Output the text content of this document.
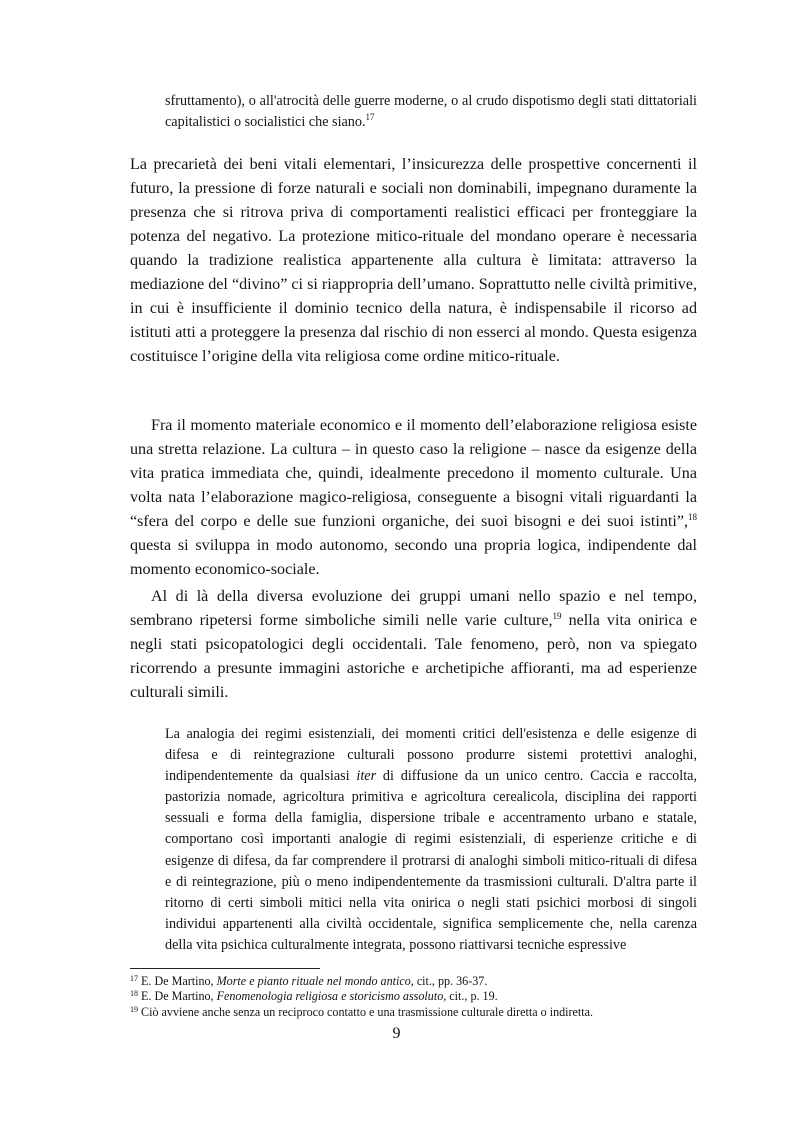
sfruttamento), o all'atrocità delle guerre moderne, o al crudo dispotismo degli stati dittatoriali capitalistici o socialistici che siano.$^{17}$

La precarietà dei beni vitali elementari, l’insicurezza delle prospettive concernenti il futuro, la pressione di forze naturali e sociali non dominabili, impegnano duramente la presenza che si ritrova priva di comportamenti realistici efficaci per fronteggiare la potenza del negativo. La protezione mitico-rituale del mondano operare è necessaria quando la tradizione realistica appartenente alla cultura è limitata: attraverso la mediazione del “divino” ci si riappropria dell’umano. Soprattutto nelle civiltà primitive, in cui è insufficiente il dominio tecnico della natura, è indispensabile il ricorso ad istituti atti a proteggere la presenza dal rischio di non esserci al mondo. Questa esigenza costituisce l’origine della vita religiosa come ordine mitico-rituale.

Fra il momento materiale economico e il momento dell’elaborazione religiosa esiste una stretta relazione. La cultura – in questo caso la religione – nasce da esigenze della vita pratica immediata che, quindi, idealmente precedono il momento culturale. Una volta nata l’elaborazione magico-religiosa, conseguente a bisogni vitali riguardanti la “sfera del corpo e delle sue funzioni organiche, dei suoi bisogni e dei suoi istinti”,$^{18}$ questa si sviluppa in modo autonomo, secondo una propria logica, indipendente dal momento economico-sociale.

Al di là della diversa evoluzione dei gruppi umani nello spazio e nel tempo, sembrano ripetersi forme simboliche simili nelle varie culture,$^{19}$ nella vita onirica e negli stati psicopatologici degli occidentali. Tale fenomeno, però, non va spiegato ricorrendo a presunte immagini astoriche e archetipiche affioranti, ma ad esperienze culturali simili.

La analogia dei regimi esistenziali, dei momenti critici dell'esistenza e delle esigenze di difesa e di reintegrazione culturali possono produrre sistemi protettivi analoghi, indipendentemente da qualsiasi iter di diffusione da un unico centro. Caccia e raccolta, pastorizia nomade, agricoltura primitiva e agricoltura cerealicola, disciplina dei rapporti sessuali e forma della famiglia, dispersione tribale e accentramento urbano e statale, comportano così importanti analogie di regimi esistenziali, di esperienze critiche e di esigenze di difesa, da far comprendere il protrarsi di analoghi simboli mitico-rituali di difesa e di reintegrazione, più o meno indipendentemente da trasmissioni culturali. D'altra parte il ritorno di certi simboli mitici nella vita onirica o negli stati psichici morbosi di singoli individui appartenenti alla civiltà occidentale, significa semplicemente che, nella carenza della vita psichica culturalmente integrata, possono riattivarsi tecniche espressive
$^{17}$ E. De Martino, Morte e pianto rituale nel mondo antico, cit., pp. 36-37.
$^{18}$ E. De Martino, Fenomenologia religiosa e storicismo assoluto, cit., p. 19.
$^{19}$ Ciò avviene anche senza un reciproco contatto e una trasmissione culturale diretta o indiretta.
9
